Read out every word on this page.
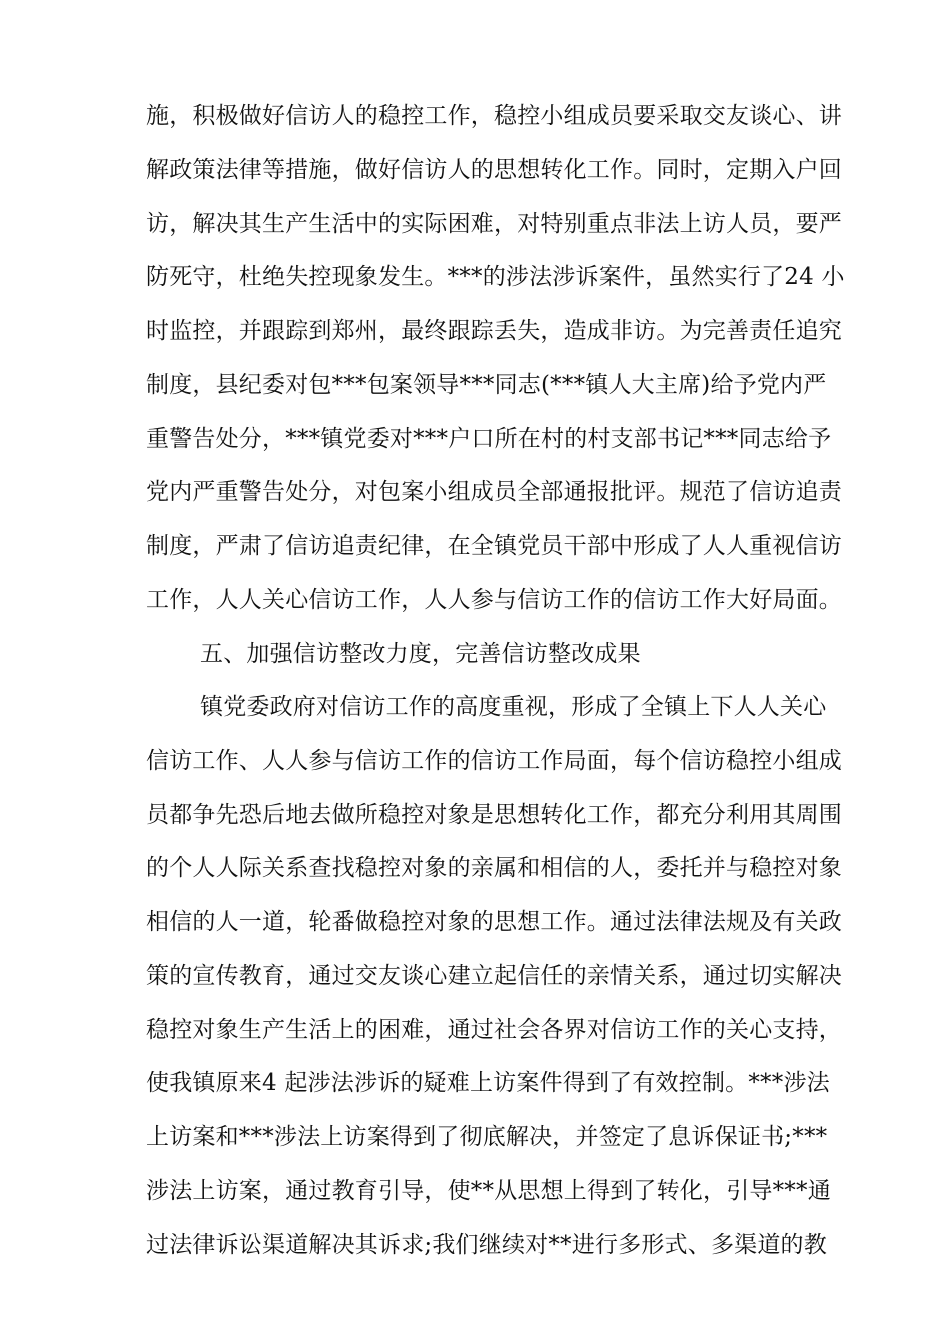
施，积极做好信访人的稳控工作，稳控小组成员要采取交友谈心、讲
解政策法律等措施，做好信访人的思想转化工作。同时，定期入户回
访，解决其生产生活中的实际困难，对特别重点非法上访人员，要严
防死守，杜绝失控现象发生。***的涉法涉诉案件，虽然实行了24 小
时监控，并跟踪到郑州，最终跟踪丢失，造成非访。为完善责任追究
制度，县纪委对包***包案领导***同志(***镇人大主席)给予党内严
重警告处分，***镇党委对***户口所在村的村支部书记***同志给予
党内严重警告处分，对包案小组成员全部通报批评。规范了信访追责
制度，严肃了信访追责纪律，在全镇党员干部中形成了人人重视信访
工作，人人关心信访工作，人人参与信访工作的信访工作大好局面。
五、加强信访整改力度，完善信访整改成果
镇党委政府对信访工作的高度重视，形成了全镇上下人人关心
信访工作、人人参与信访工作的信访工作局面，每个信访稳控小组成
员都争先恐后地去做所稳控对象是思想转化工作，都充分利用其周围
的个人人际关系查找稳控对象的亲属和相信的人，委托并与稳控对象
相信的人一道，轮番做稳控对象的思想工作。通过法律法规及有关政
策的宣传教育，通过交友谈心建立起信任的亲情关系，通过切实解决
稳控对象生产生活上的困难，通过社会各界对信访工作的关心支持，
使我镇原来4 起涉法涉诉的疑难上访案件得到了有效控制。***涉法
上访案和***涉法上访案得到了彻底解决，并签定了息诉保证书;***
涉法上访案，通过教育引导，使**从思想上得到了转化，引导***通
过法律诉讼渠道解决其诉求;我们继续对**进行多形式、多渠道的教
